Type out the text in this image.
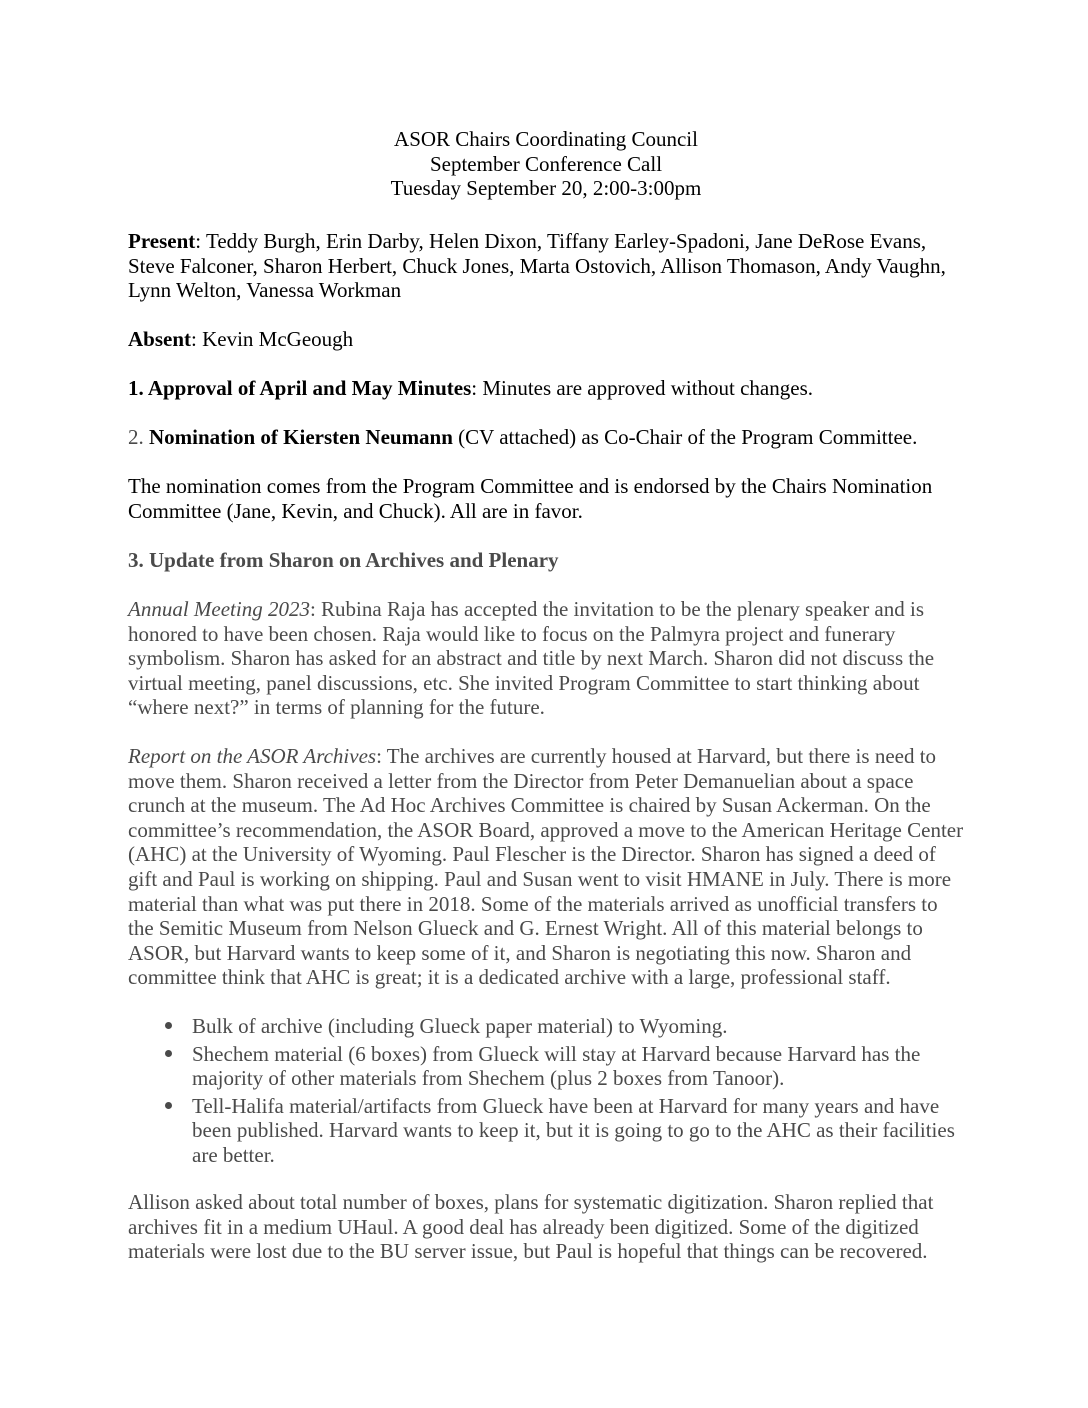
ASOR Chairs Coordinating Council
September Conference Call
Tuesday September 20, 2:00-3:00pm

Present: Teddy Burgh, Erin Darby, Helen Dixon, Tiffany Earley-Spadoni, Jane DeRose Evans, Steve Falconer, Sharon Herbert, Chuck Jones, Marta Ostovich, Allison Thomason, Andy Vaughn, Lynn Welton, Vanessa Workman

Absent: Kevin McGeough

1. Approval of April and May Minutes: Minutes are approved without changes.

2. Nomination of Kiersten Neumann (CV attached) as Co-Chair of the Program Committee.

The nomination comes from the Program Committee and is endorsed by the Chairs Nomination Committee (Jane, Kevin, and Chuck). All are in favor.

3. Update from Sharon on Archives and Plenary

Annual Meeting 2023: Rubina Raja has accepted the invitation to be the plenary speaker and is honored to have been chosen. Raja would like to focus on the Palmyra project and funerary symbolism. Sharon has asked for an abstract and title by next March. Sharon did not discuss the virtual meeting, panel discussions, etc. She invited Program Committee to start thinking about “where next?” in terms of planning for the future.

Report on the ASOR Archives: The archives are currently housed at Harvard, but there is need to move them. Sharon received a letter from the Director from Peter Demanuelian about a space crunch at the museum. The Ad Hoc Archives Committee is chaired by Susan Ackerman. On the committee’s recommendation, the ASOR Board, approved a move to the American Heritage Center (AHC) at the University of Wyoming. Paul Flescher is the Director. Sharon has signed a deed of gift and Paul is working on shipping. Paul and Susan went to visit HMANE in July. There is more material than what was put there in 2018. Some of the materials arrived as unofficial transfers to the Semitic Museum from Nelson Glueck and G. Ernest Wright. All of this material belongs to ASOR, but Harvard wants to keep some of it, and Sharon is negotiating this now. Sharon and committee think that AHC is great; it is a dedicated archive with a large, professional staff.

Bulk of archive (including Glueck paper material) to Wyoming.
Shechem material (6 boxes) from Glueck will stay at Harvard because Harvard has the majority of other materials from Shechem (plus 2 boxes from Tanoor).
Tell-Halifa material/artifacts from Glueck have been at Harvard for many years and have been published. Harvard wants to keep it, but it is going to go to the AHC as their facilities are better.

Allison asked about total number of boxes, plans for systematic digitization. Sharon replied that archives fit in a medium UHaul. A good deal has already been digitized. Some of the digitized materials were lost due to the BU server issue, but Paul is hopeful that things can be recovered.
